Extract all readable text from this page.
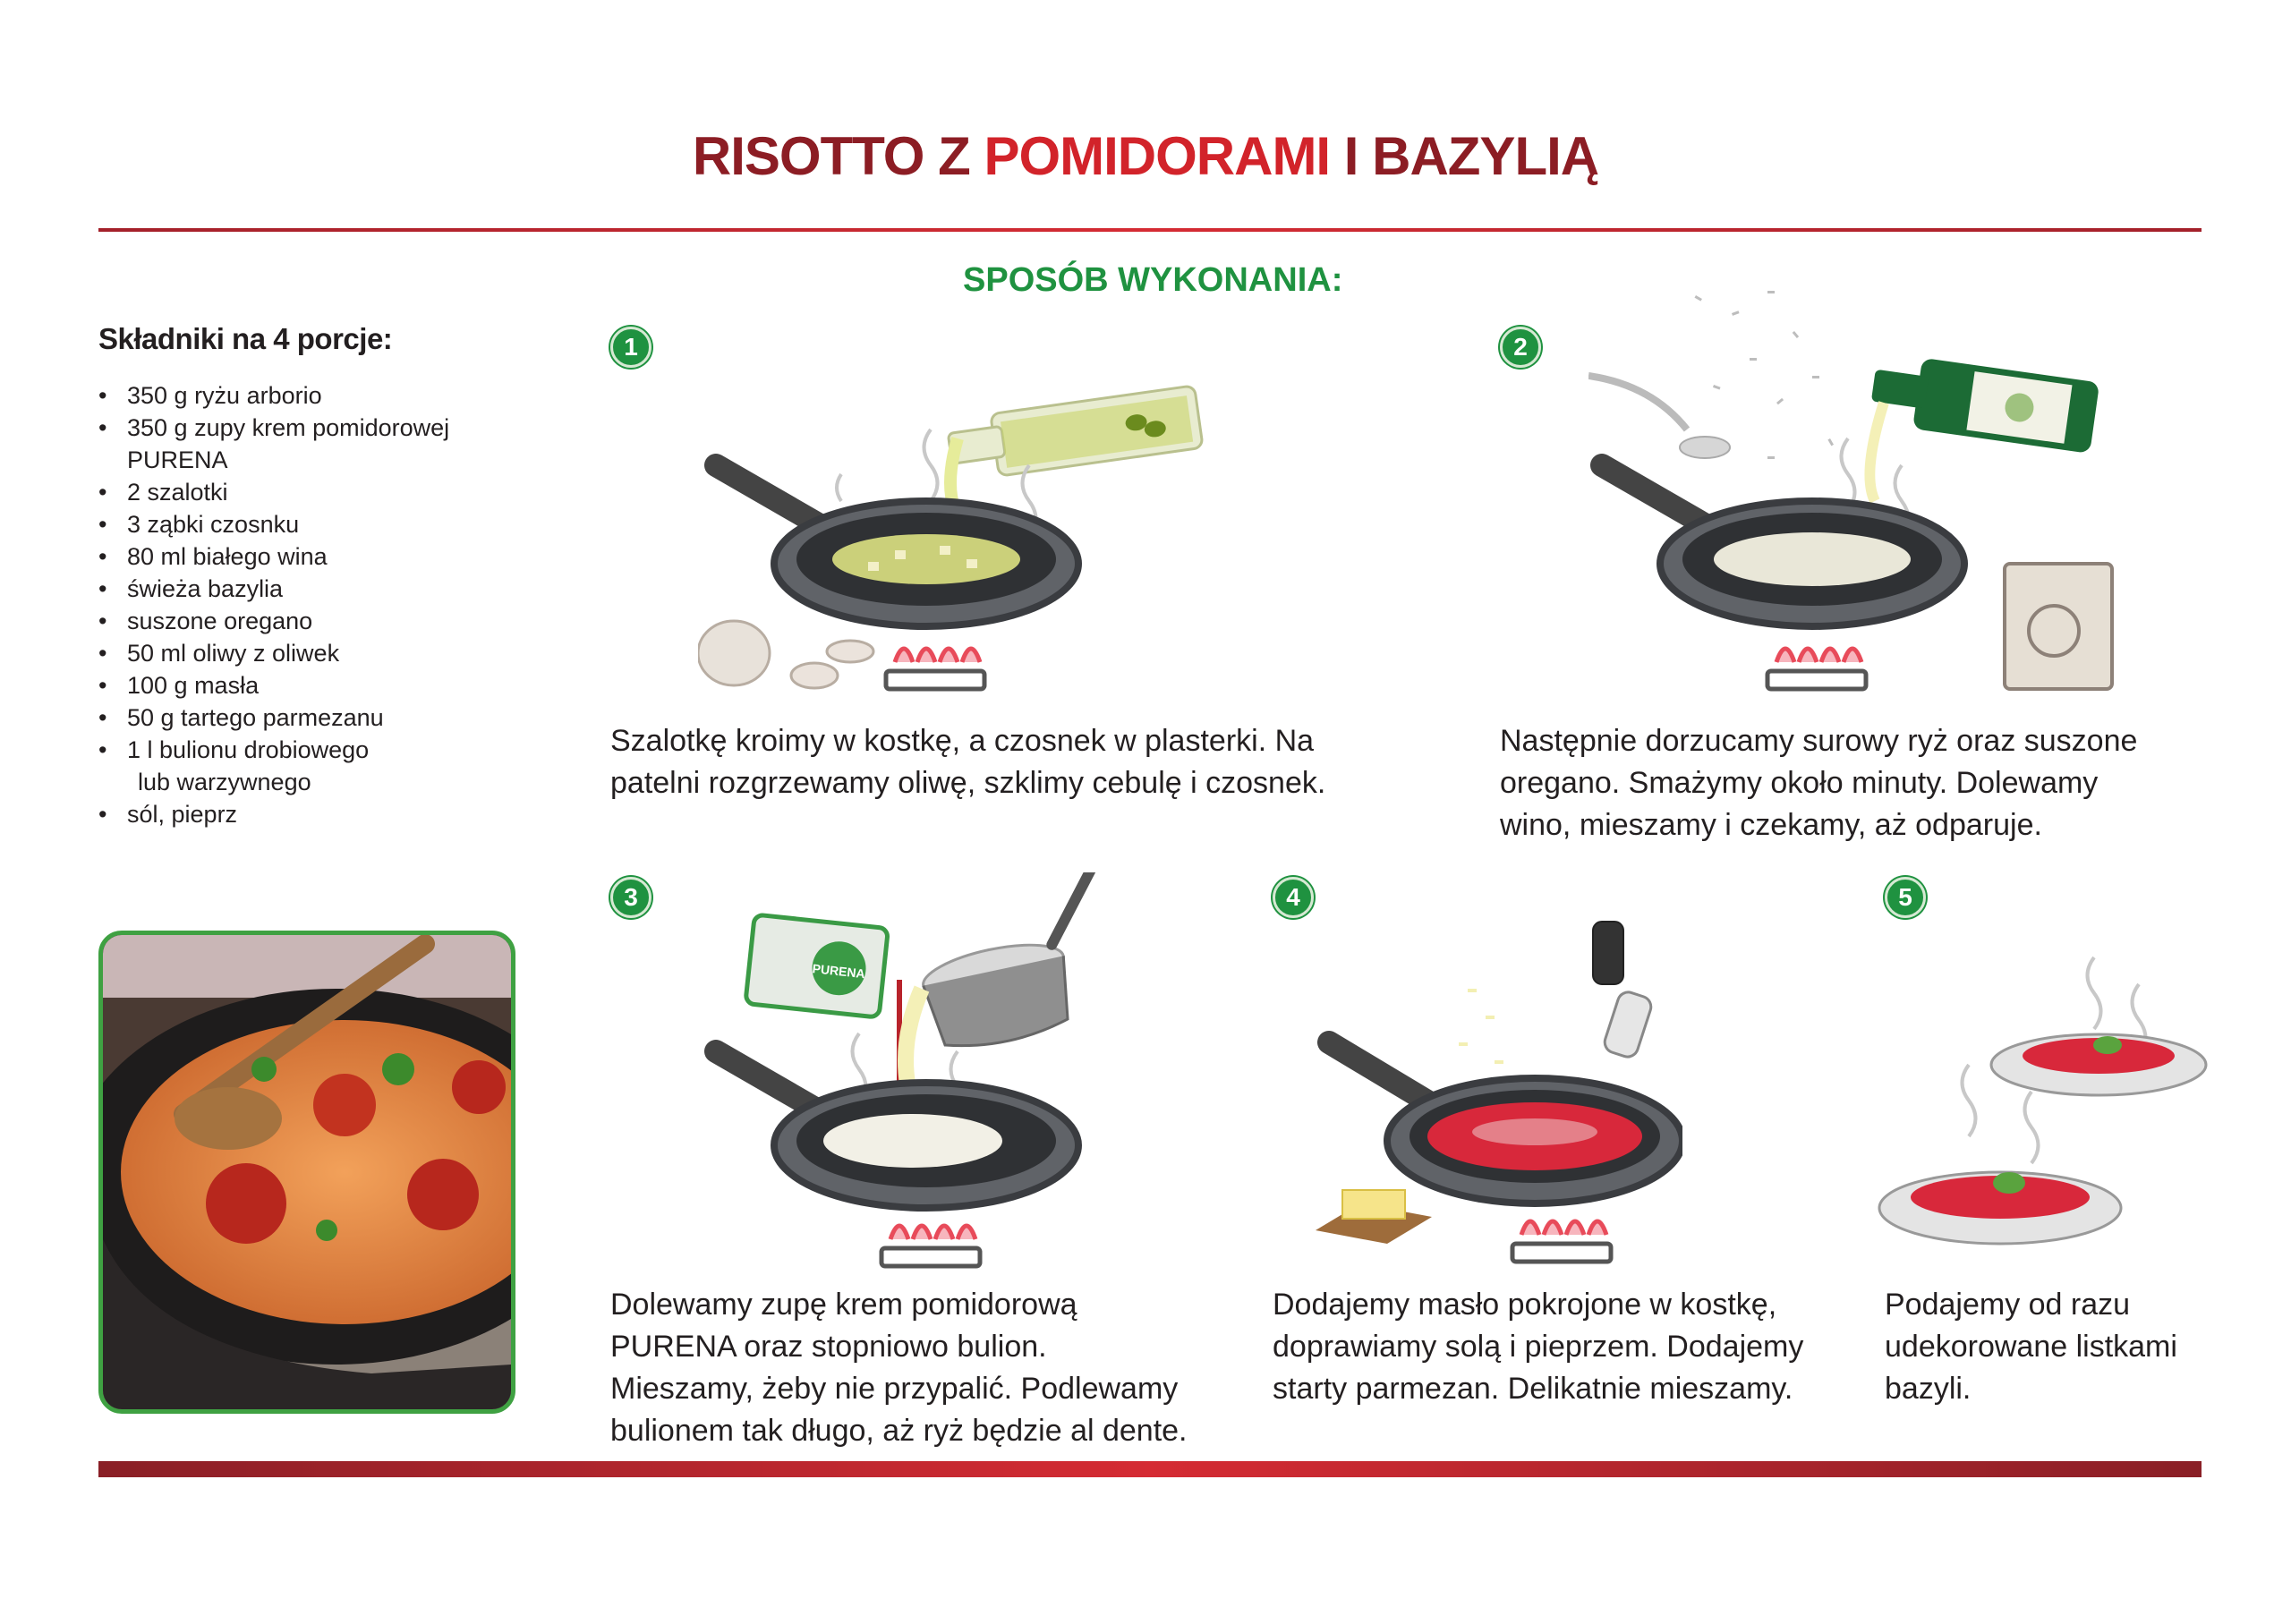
RISOTTO Z POMIDORAMI I BAZYLIĄ
SPOSÓB WYKONANIA:
Składniki na 4 porcje:
• 350 g ryżu arborio
• 350 g zupy krem pomidorowej
PURENA
• 2 szalotki
• 3 ząbki czosnku
• 80 ml białego wina
• świeża bazylia
• suszone oregano
• 50 ml oliwy z oliwek
• 100 g masła
• 50 g tartego parmezanu
• 1 l bulionu drobiowego
lub warzywnego
• sól, pieprz
1
Szalotkę kroimy w kostkę, a czosnek w plasterki. Na
patelni rozgrzewamy oliwę, szklimy cebulę i czosnek.
2
Następnie dorzucamy surowy ryż oraz suszone
oregano. Smażymy około minuty. Dolewamy
wino, mieszamy i czekamy, aż odparuje.
3
PURENA
Dolewamy zupę krem pomidorową
PURENA oraz stopniowo bulion.
Mieszamy, żeby nie przypalić. Podlewamy
bulionem tak długo, aż ryż będzie al dente.
4
Dodajemy masło pokrojone w kostkę,
doprawiamy solą i pieprzem. Dodajemy
starty parmezan. Delikatnie mieszamy.
5
Podajemy od razu
udekorowane listkami
bazyli.
